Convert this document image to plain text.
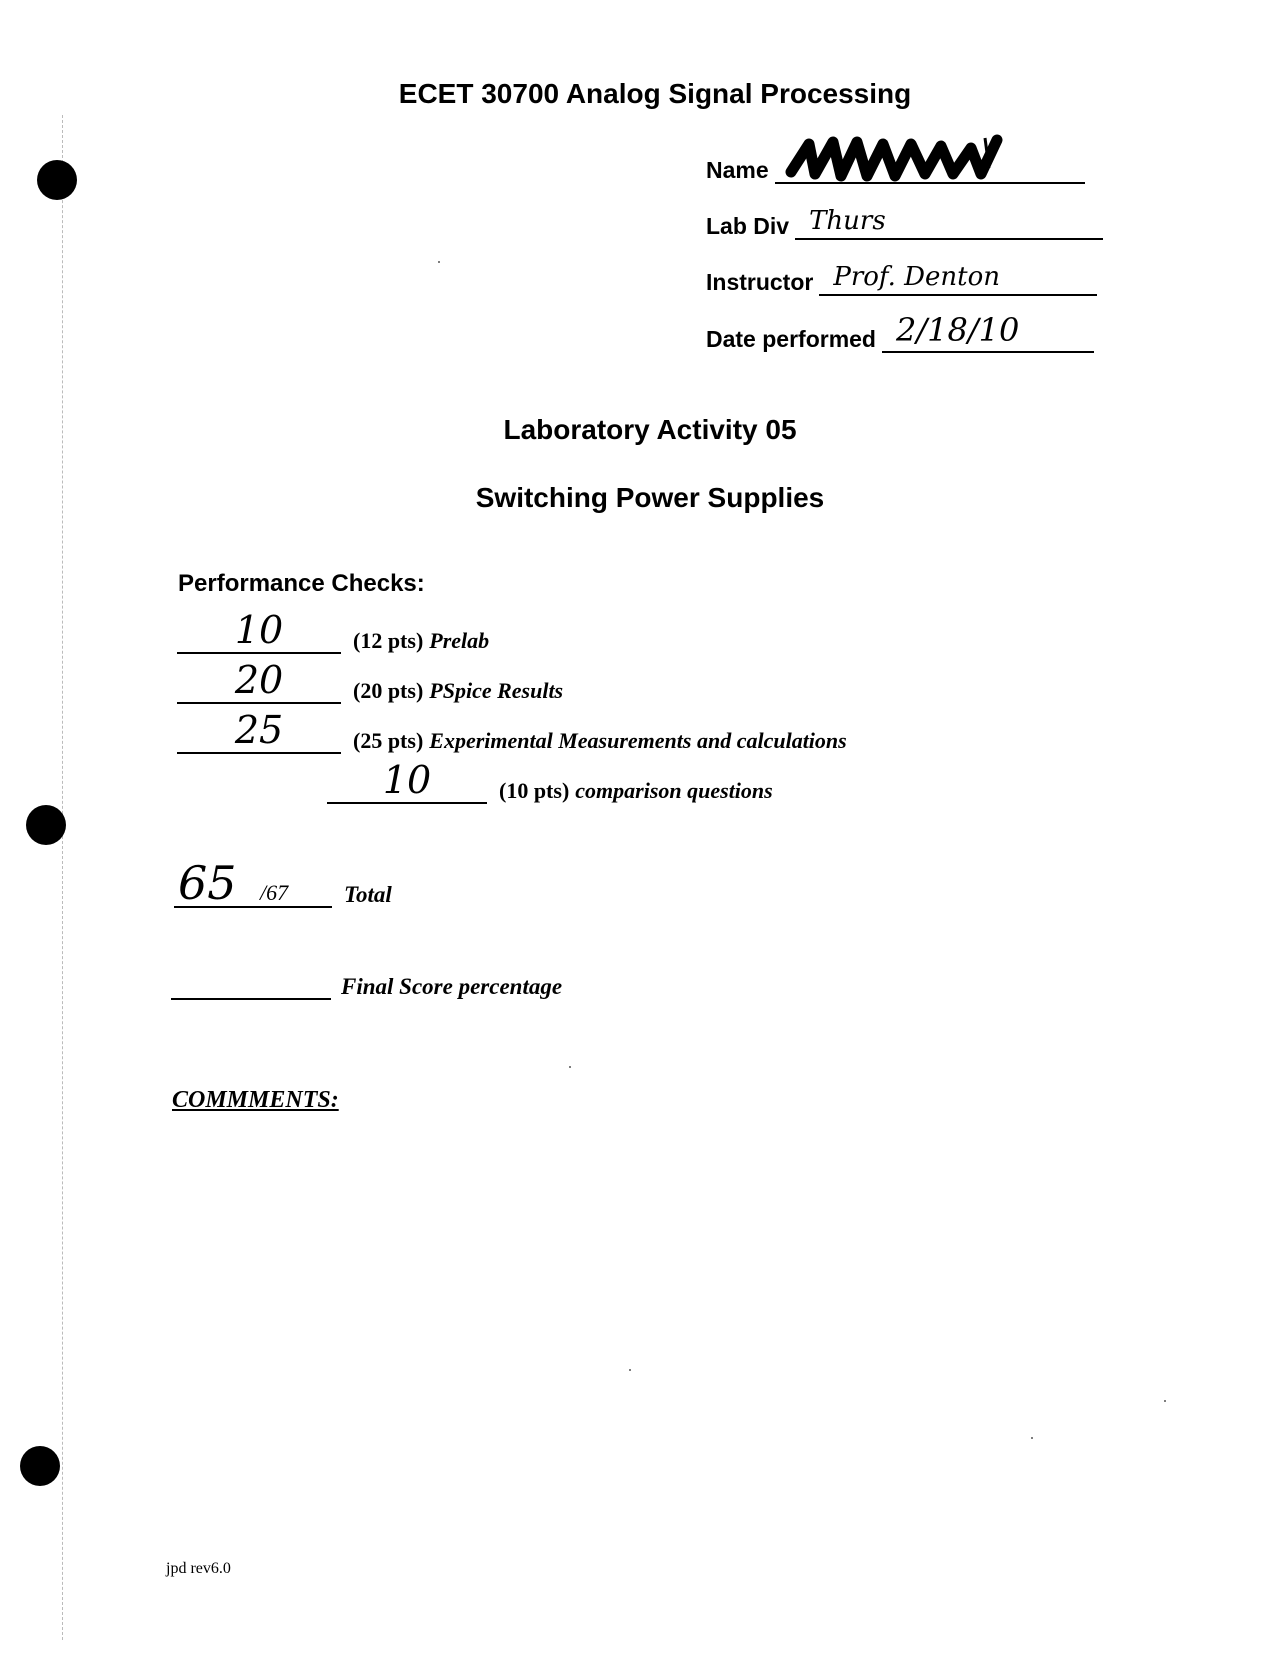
ECET 30700 Analog Signal Processing
Name
Lab Div Thurs
Instructor Prof. Denton
Date performed 2/18/10
Laboratory Activity 05
Switching Power Supplies
Performance Checks:
10	(12 pts) Prelab
20	(20 pts) PSpice Results
25	(25 pts) Experimental Measurements and calculations
10	(10 pts) comparison questions
65 /67 Total
Final Score percentage
COMMMENTS:
jpd rev6.0
